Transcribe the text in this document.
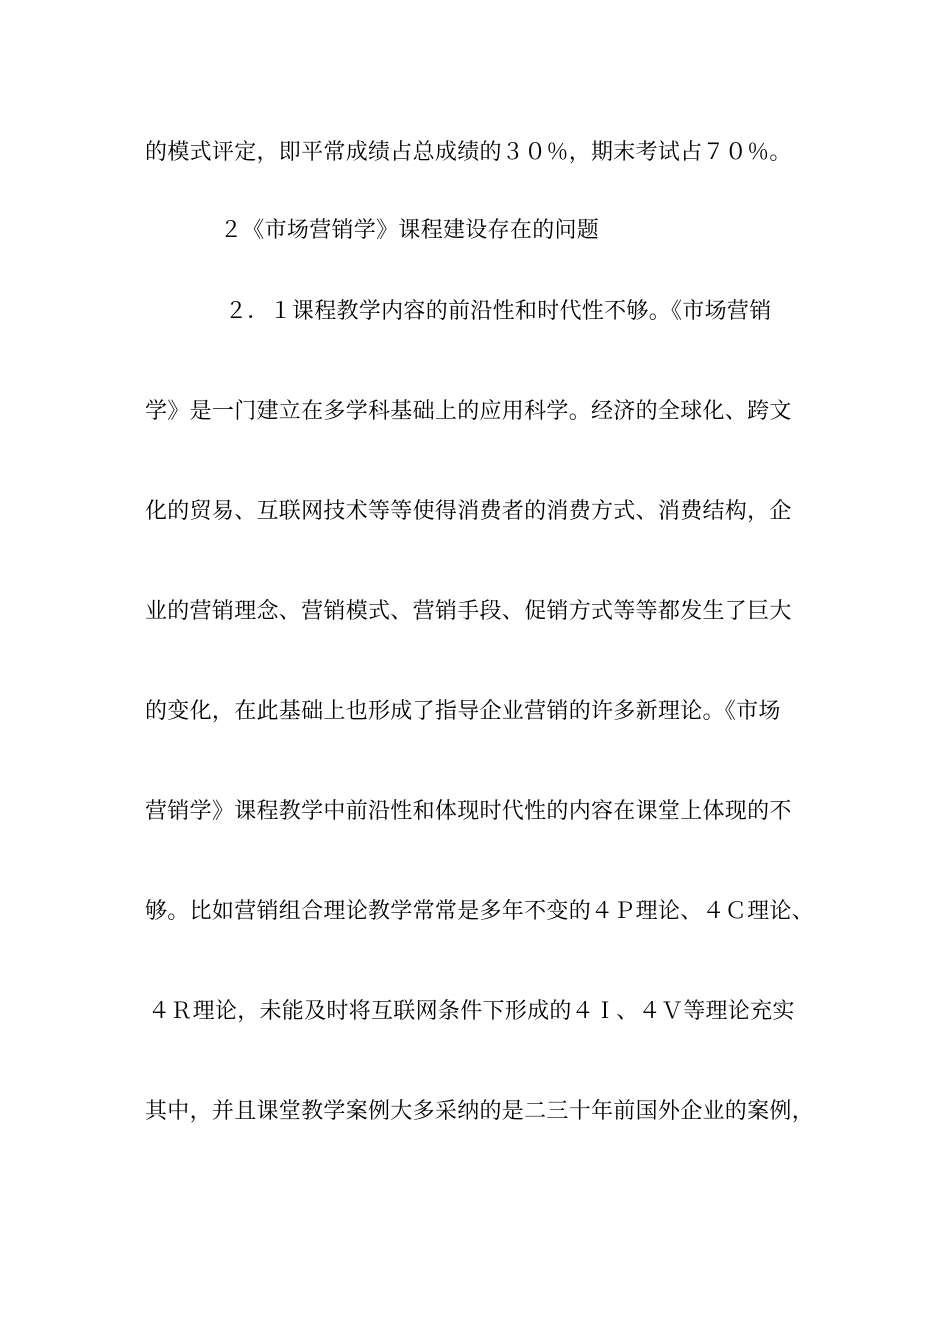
的模式评定，即平常成绩占总成绩的３０％，期末考试占７０％。
２《市场营销学》课程建设存在的问题
２．１课程教学内容的前沿性和时代性不够。《市场营销
学》是一门建立在多学科基础上的应用科学。经济的全球化、跨文
化的贸易、互联网技术等等使得消费者的消费方式、消费结构，企
业的营销理念、营销模式、营销手段、促销方式等等都发生了巨大
的变化，在此基础上也形成了指导企业营销的许多新理论。《市场
营销学》课程教学中前沿性和体现时代性的内容在课堂上体现的不
够。比如营销组合理论教学常常是多年不变的４Ｐ理论、４Ｃ理论、
４Ｒ理论，未能及时将互联网条件下形成的４Ｉ、４Ｖ等理论充实
其中，并且课堂教学案例大多采纳的是二三十年前国外企业的案例，
